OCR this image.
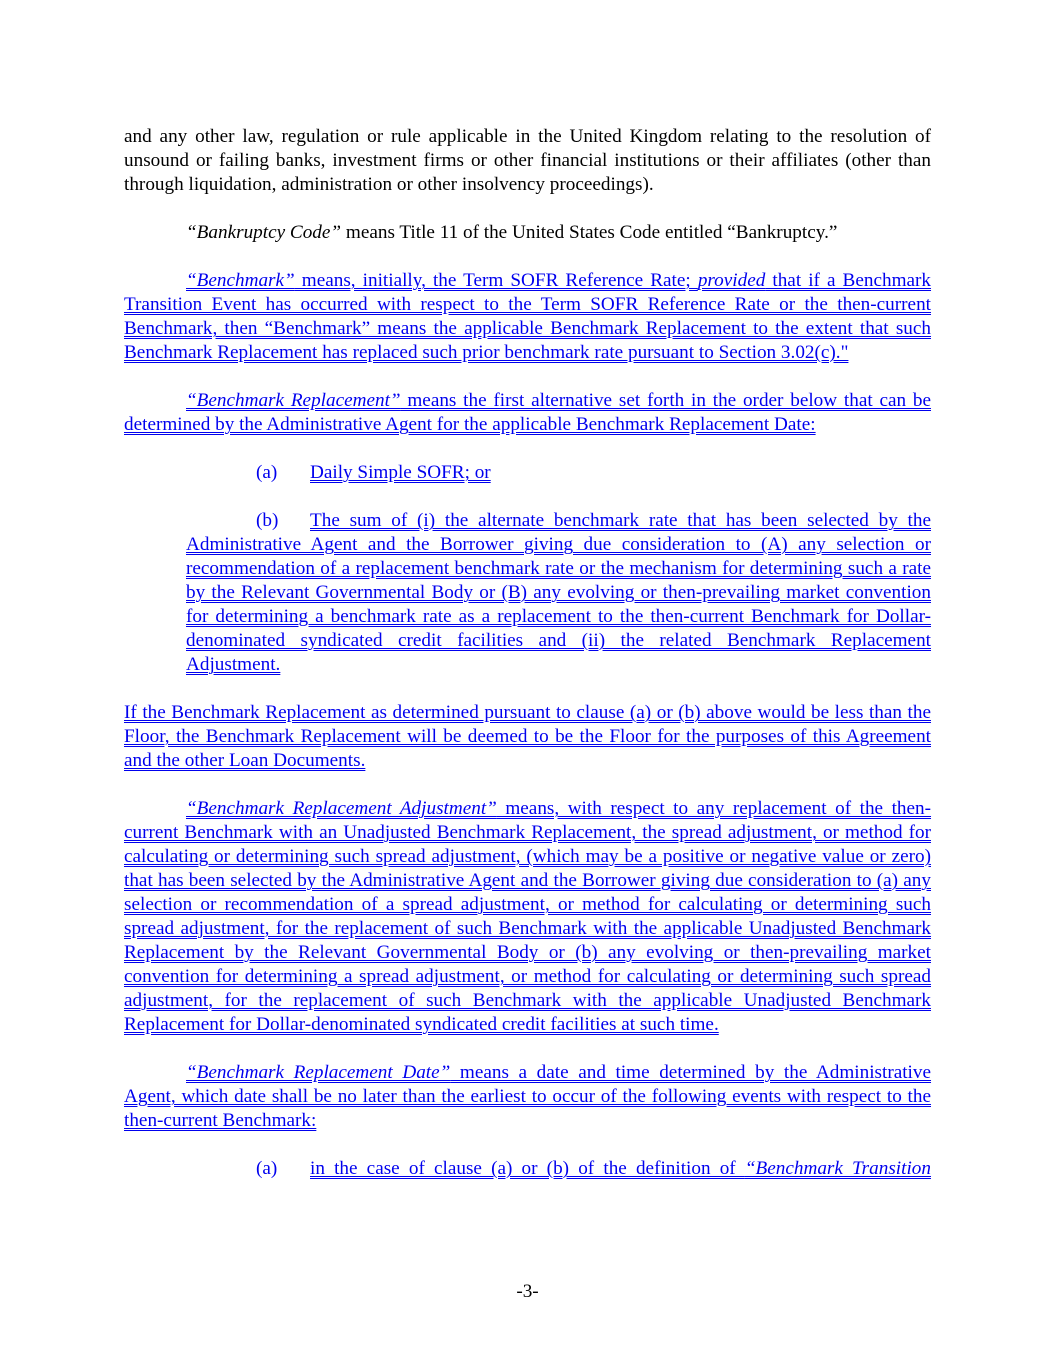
and any other law, regulation or rule applicable in the United Kingdom relating to the resolution of unsound or failing banks, investment firms or other financial institutions or their affiliates (other than through liquidation, administration or other insolvency proceedings).

“Bankruptcy Code” means Title 11 of the United States Code entitled “Bankruptcy.”

“Benchmark” means, initially, the Term SOFR Reference Rate; provided that if a Benchmark Transition Event has occurred with respect to the Term SOFR Reference Rate or the then-current Benchmark, then “Benchmark” means the applicable Benchmark Replacement to the extent that such Benchmark Replacement has replaced such prior benchmark rate pursuant to Section 3.02(c)."

“Benchmark Replacement” means the first alternative set forth in the order below that can be determined by the Administrative Agent for the applicable Benchmark Replacement Date:

(a) Daily Simple SOFR; or

(b) The sum of (i) the alternate benchmark rate that has been selected by the Administrative Agent and the Borrower giving due consideration to (A) any selection or recommendation of a replacement benchmark rate or the mechanism for determining such a rate by the Relevant Governmental Body or (B) any evolving or then-prevailing market convention for determining a benchmark rate as a replacement to the then-current Benchmark for Dollar-denominated syndicated credit facilities and (ii) the related Benchmark Replacement Adjustment.

If the Benchmark Replacement as determined pursuant to clause (a) or (b) above would be less than the Floor, the Benchmark Replacement will be deemed to be the Floor for the purposes of this Agreement and the other Loan Documents.

“Benchmark Replacement Adjustment” means, with respect to any replacement of the then-current Benchmark with an Unadjusted Benchmark Replacement, the spread adjustment, or method for calculating or determining such spread adjustment, (which may be a positive or negative value or zero) that has been selected by the Administrative Agent and the Borrower giving due consideration to (a) any selection or recommendation of a spread adjustment, or method for calculating or determining such spread adjustment, for the replacement of such Benchmark with the applicable Unadjusted Benchmark Replacement by the Relevant Governmental Body or (b) any evolving or then-prevailing market convention for determining a spread adjustment, or method for calculating or determining such spread adjustment, for the replacement of such Benchmark with the applicable Unadjusted Benchmark Replacement for Dollar-denominated syndicated credit facilities at such time.

“Benchmark Replacement Date” means a date and time determined by the Administrative Agent, which date shall be no later than the earliest to occur of the following events with respect to the then-current Benchmark:

(a) in the case of clause (a) or (b) of the definition of “Benchmark Transition

-3-
